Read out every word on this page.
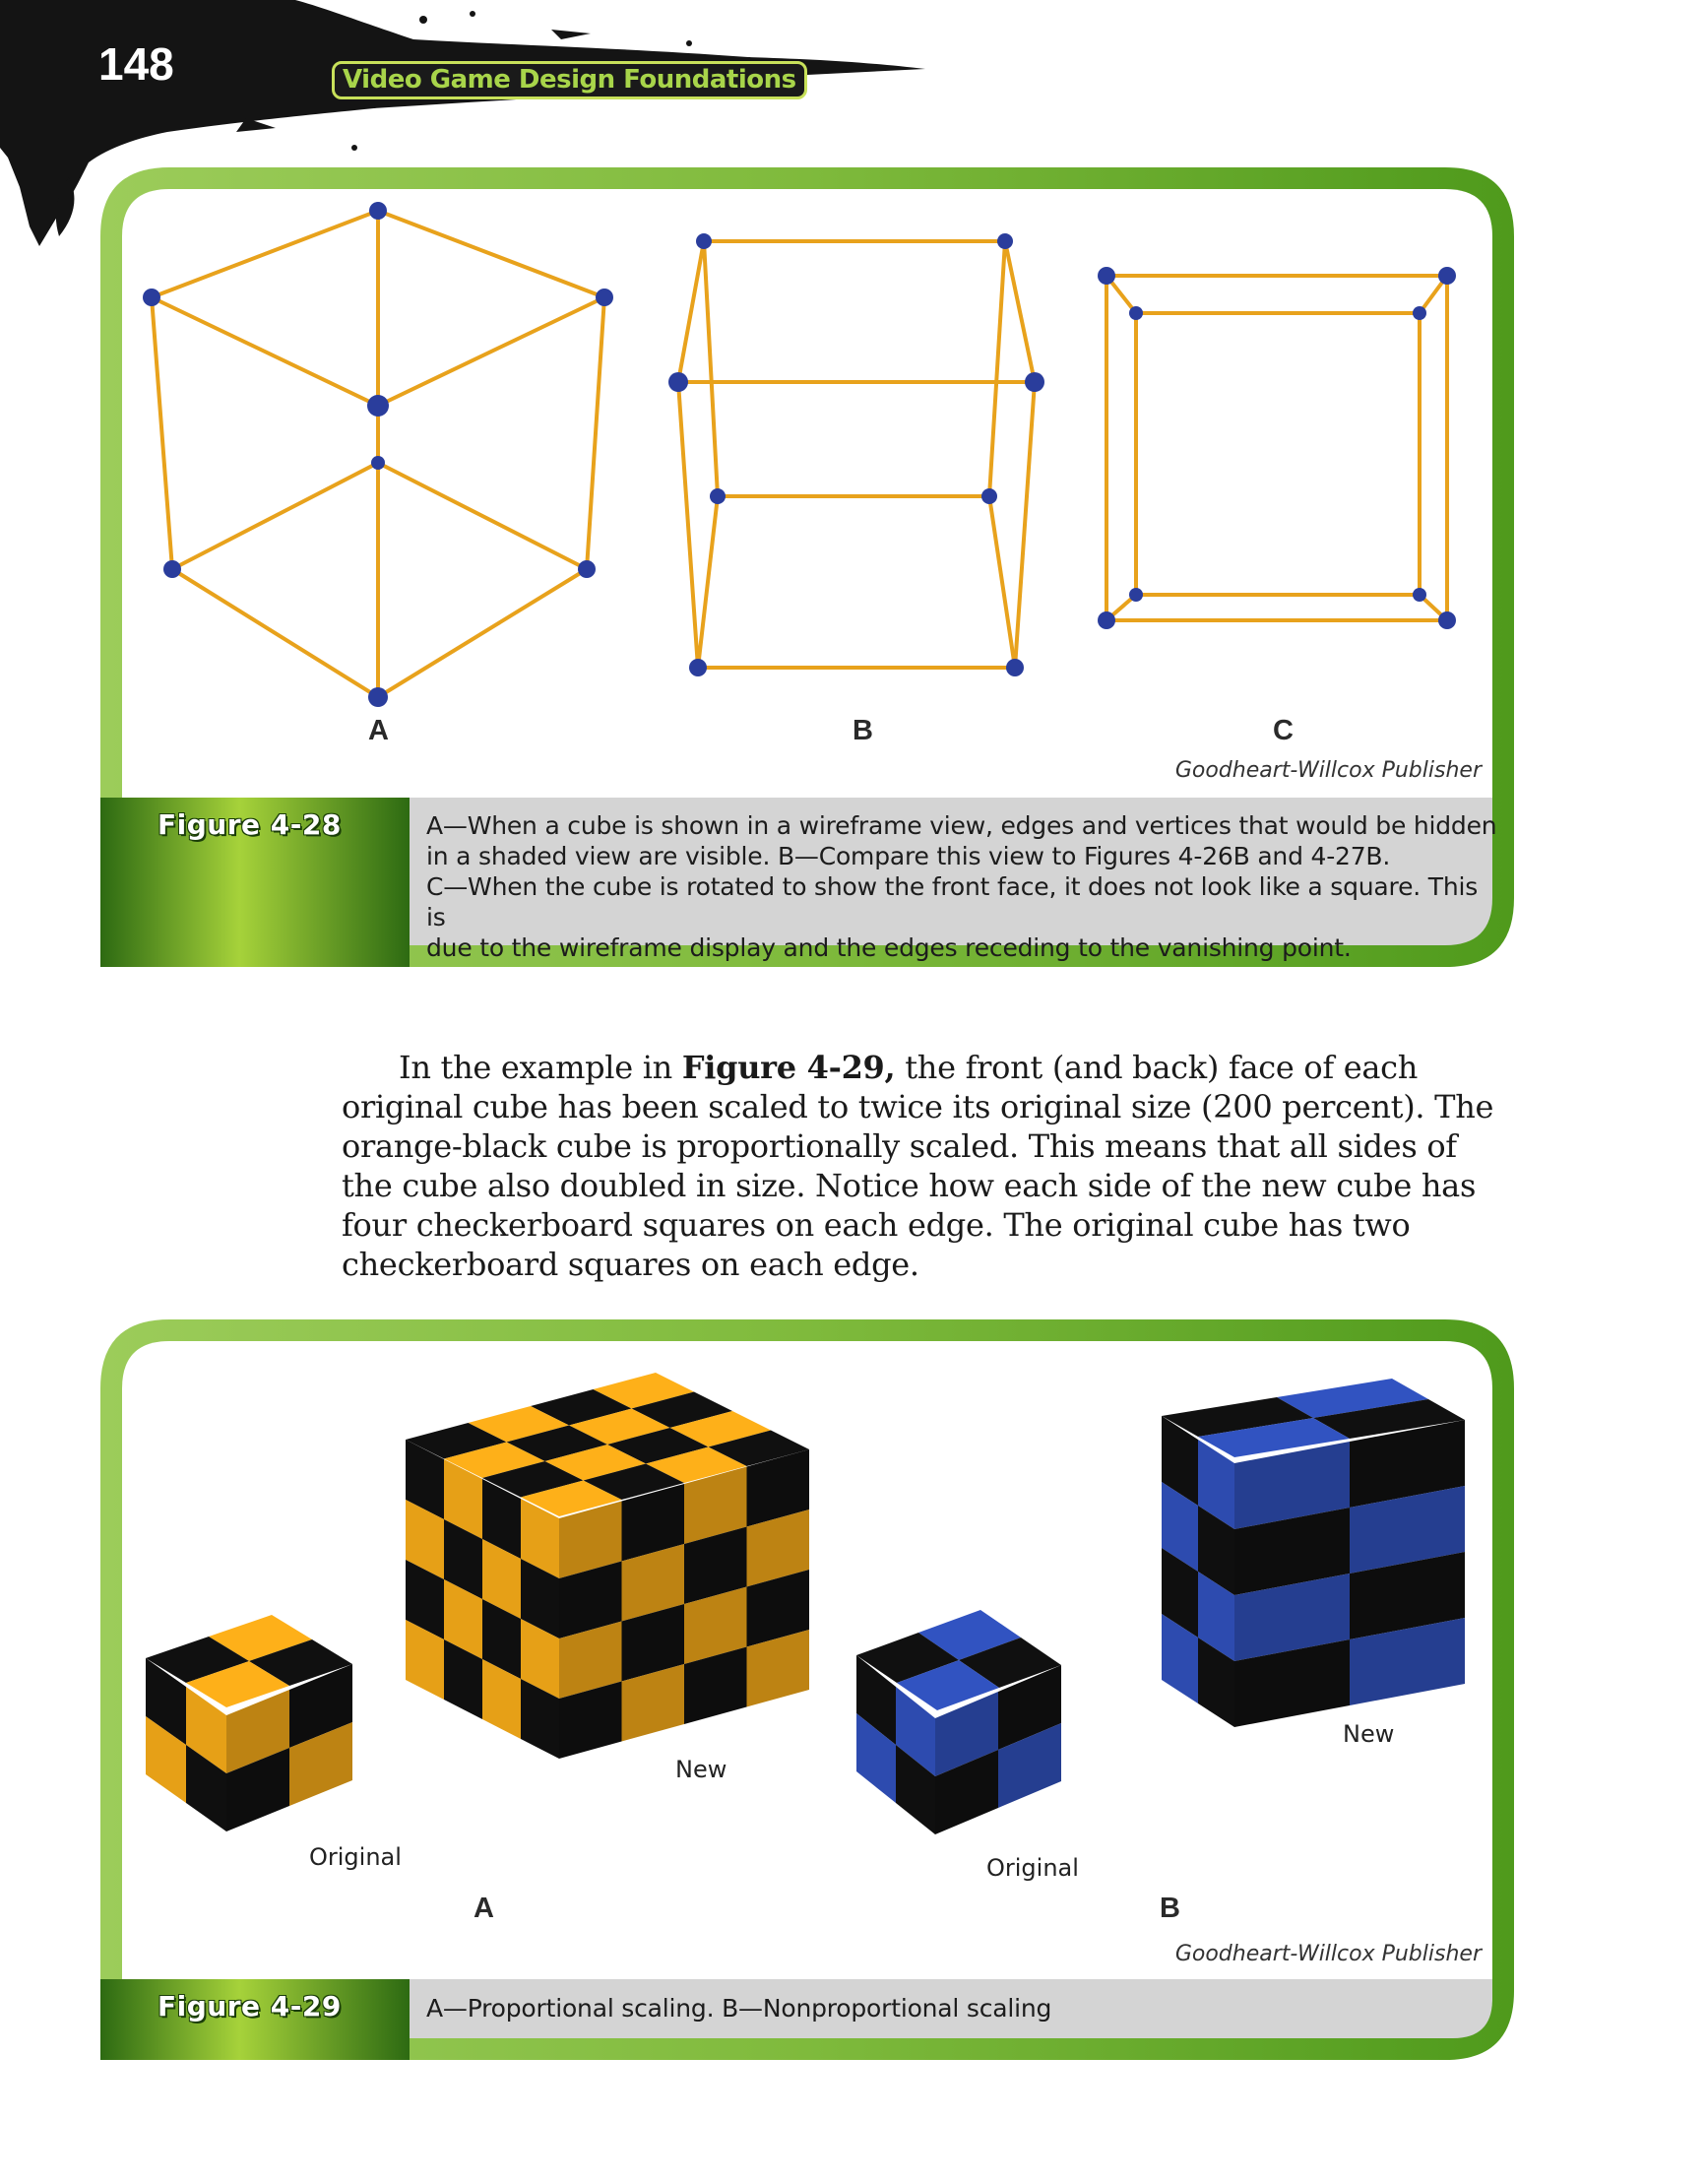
148	Video Game Design Foundations
A	B	C
Goodheart-Willcox Publisher
Figure 4-28	A—When a cube is shown in a wireframe view, edges and vertices that would be hidden
in a shaded view are visible. B—Compare this view to Figures 4-26B and 4-27B.
C—When the cube is rotated to show the front face, it does not look like a square. This is
due to the wireframe display and the edges receding to the vanishing point.
In the example in Figure 4-29, the front (and back) face of each original cube has been scaled to twice its original size (200 percent). The orange-black cube is proportionally scaled. This means that all sides of the cube also doubled in size. Notice how each side of the new cube has four checkerboard squares on each edge. The original cube has two checkerboard squares on each edge.
Original
New
Original
New
A	B
Goodheart-Willcox Publisher
Figure 4-29	A—Proportional scaling. B—Nonproportional scaling
